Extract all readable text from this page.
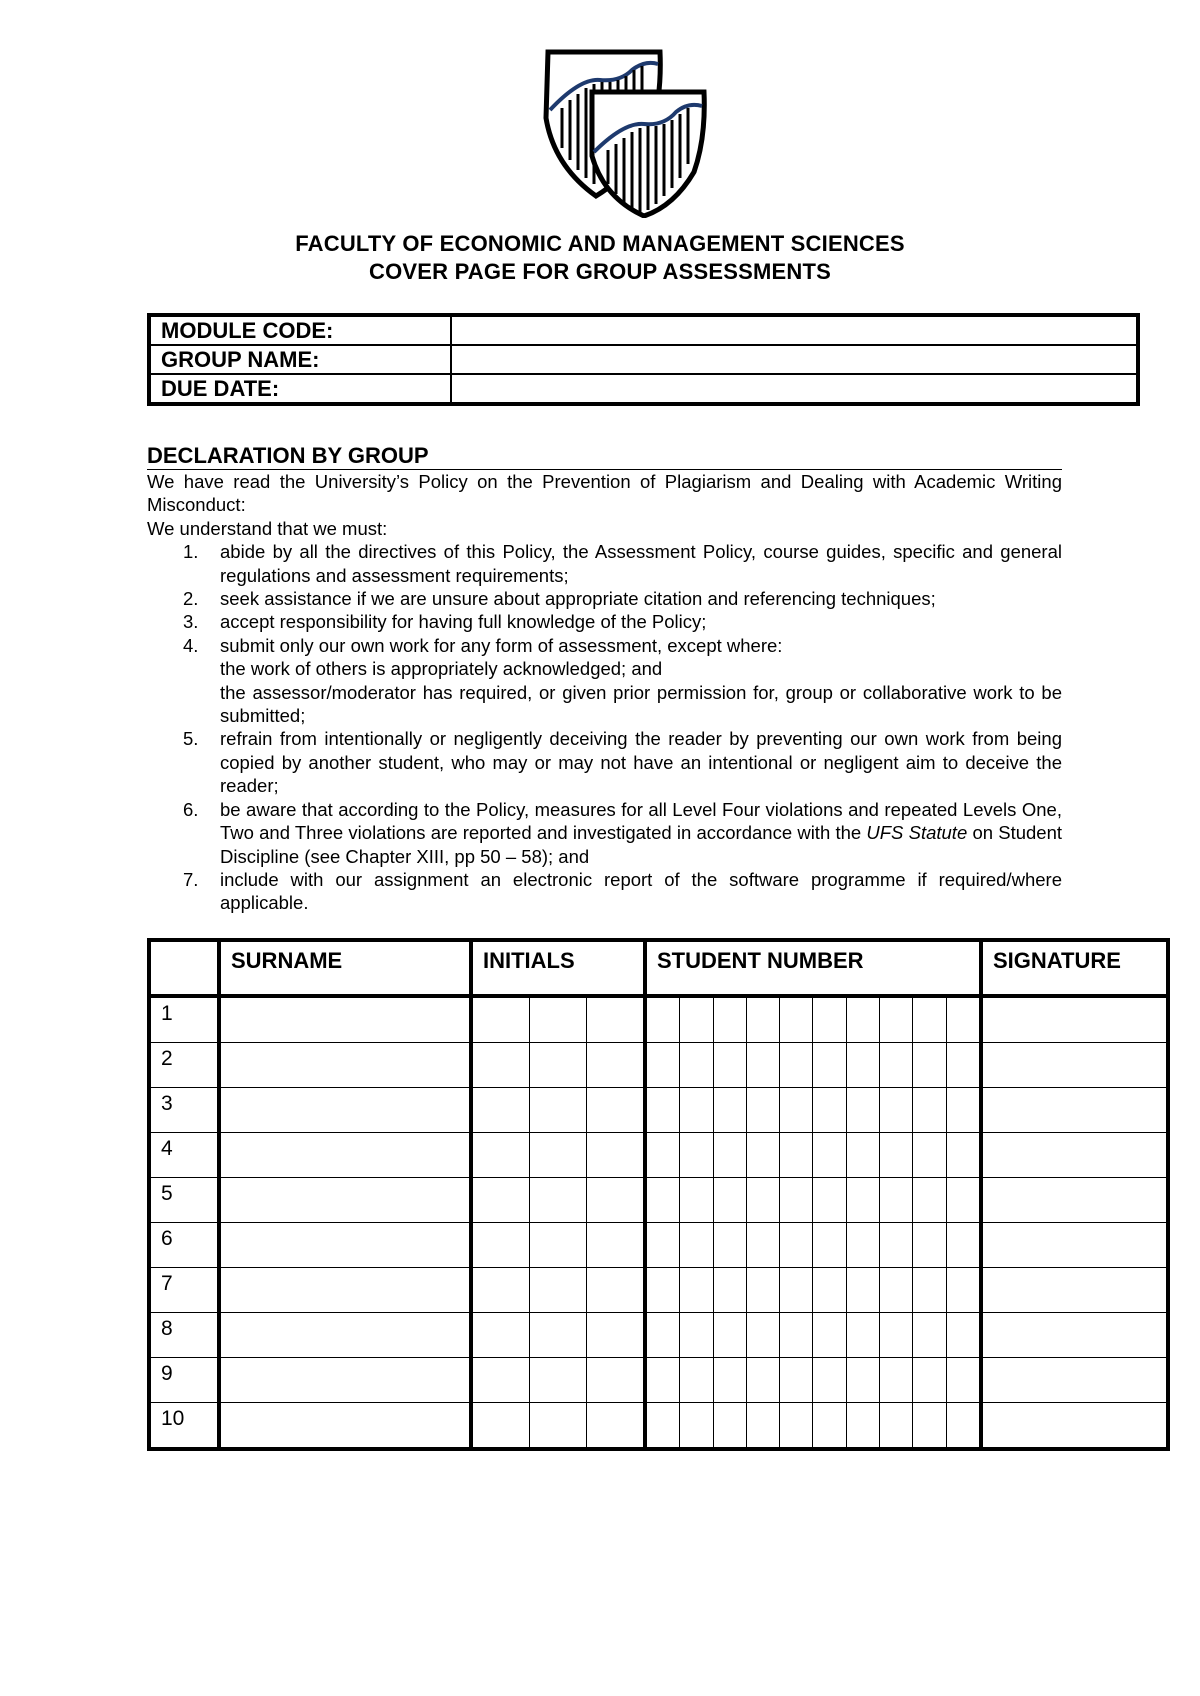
FACULTY OF ECONOMIC AND MANAGEMENT SCIENCES
COVER PAGE FOR GROUP ASSESSMENTS
MODULE CODE:	
GROUP NAME:	
DUE DATE:	
DECLARATION BY GROUP

We have read the University’s Policy on the Prevention of Plagiarism and Dealing with Academic Writing Misconduct:

We understand that we must:

1. abide by all the directives of this Policy, the Assessment Policy, course guides, specific and general regulations and assessment requirements;
2. seek assistance if we are unsure about appropriate citation and referencing techniques;
3. accept responsibility for having full knowledge of the Policy;
4. submit only our own work for any form of assessment, except where:
the work of others is appropriately acknowledged; and
the assessor/moderator has required, or given prior permission for, group or collaborative work to be submitted;
5. refrain from intentionally or negligently deceiving the reader by preventing our own work from being copied by another student, who may or may not have an intentional or negligent aim to deceive the reader;
6. be aware that according to the Policy, measures for all Level Four violations and repeated Levels One, Two and Three violations are reported and investigated in accordance with the UFS Statute on Student Discipline (see Chapter XIII, pp 50 – 58); and
7. include with our assignment an electronic report of the software programme if required/where applicable.
	SURNAME	INITIALS			STUDENT NUMBER										SIGNATURE
1															
2															
3															
4															
5															
6															
7															
8															
9															
10															
